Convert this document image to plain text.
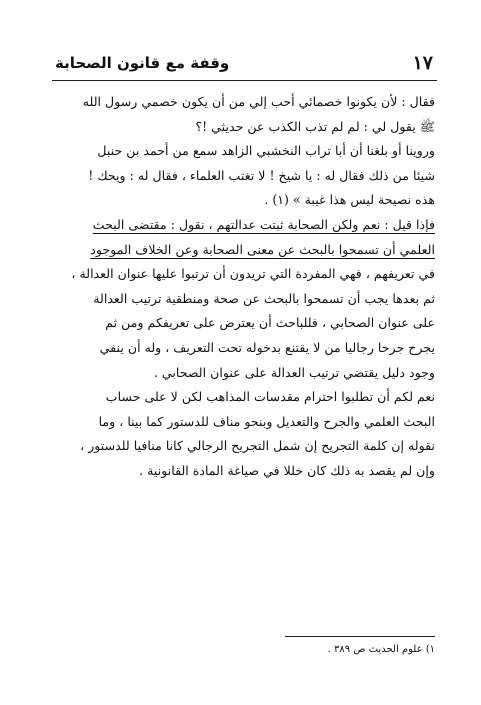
١٧
وقفة مع قانون الصحابة
فقال : لأن يكونوا خصمائي أحب إلي من أن يكون خصمي رسول الله
ﷺ يقول لي : لم لم تذب الكذب عن حديثي !؟
وروينا أو بلغنا أن أبا تراب النخشبي الزاهد سمع من أحمد بن حنبل
شيئا من ذلك فقال له : يا شيخ ! لا تغتب العلماء ، فقال له : ويحك !
هذه نصيحة ليس هذا غيبة » (١) .
فإذا قيل : نعم ولكن الصحابة ثبتت عدالتهم ، نقول : مقتضى البحث
العلمي أن تسمحوا بالبحث عن معنى الصحابة وعن الخلاف الموجود
في تعريفهم ، فهي المفردة التي تريدون أن ترتبوا عليها عنوان العدالة ،
ثم بعدها يجب أن تسمحوا بالبحث عن صحة ومنطقية ترتيب العدالة
على عنوان الصحابي ، فللباحث أن يعترض على تعريفكم ومن ثم
يجرح جرحا رجاليا من لا يقتنع بدخوله تحت التعريف ، وله أن ينفي
وجود دليل يقتضي ترتيب العدالة على عنوان الصحابي .
نعم لكم أن تطلبوا احترام مقدسات المذاهب لكن لا على حساب
البحث العلمي والجرح والتعديل وبنحو مناف للدستور كما بينا ، وما
نقوله إن كلمة التجريح إن شمل التجريح الرجالي كانا منافيا للدستور ،
وإن لم يقصد به ذلك كان خللا في صياغة المادة القانونية .
١) علوم الحديث ص ٣٨٩ .
